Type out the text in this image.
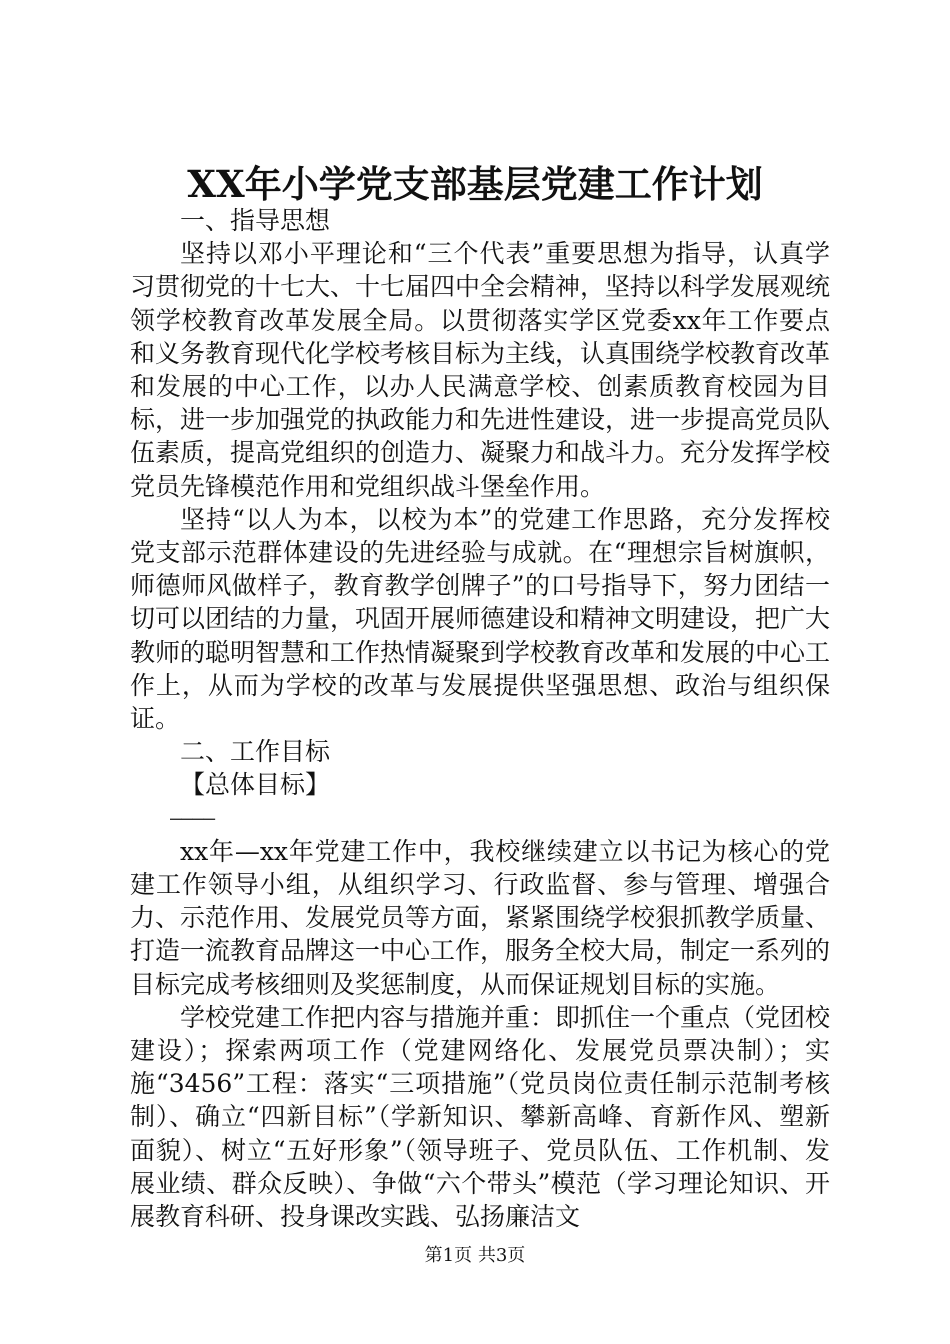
XX年小学党支部基层党建工作计划

一、指导思想

坚持以邓小平理论和“三个代表”重要思想为指导，认真学习贯彻党的十七大、十七届四中全会精神，坚持以科学发展观统领学校教育改革发展全局。以贯彻落实学区党委xx年工作要点和义务教育现代化学校考核目标为主线，认真围绕学校教育改革和发展的中心工作，以办人民满意学校、创素质教育校园为目标，进一步加强党的执政能力和先进性建设，进一步提高党员队伍素质，提高党组织的创造力、凝聚力和战斗力。充分发挥学校党员先锋模范作用和党组织战斗堡垒作用。

坚持“以人为本，以校为本”的党建工作思路，充分发挥校党支部示范群体建设的先进经验与成就。在“理想宗旨树旗帜，师德师风做样子，教育教学创牌子”的口号指导下，努力团结一切可以团结的力量，巩固开展师德建设和精神文明建设，把广大教师的聪明智慧和工作热情凝聚到学校教育改革和发展的中心工作上，从而为学校的改革与发展提供坚强思想、政治与组织保证。

二、工作目标

【总体目标】

————

xx年—xx年党建工作中，我校继续建立以书记为核心的党建工作领导小组，从组织学习、行政监督、参与管理、增强合力、示范作用、发展党员等方面，紧紧围绕学校狠抓教学质量、打造一流教育品牌这一中心工作，服务全校大局，制定一系列的目标完成考核细则及奖惩制度，从而保证规划目标的实施。

学校党建工作把内容与措施并重：即抓住一个重点（党团校建设）；探索两项工作（党建网络化、发展党员票决制）；实施“3456”工程：落实“三项措施”（党员岗位责任制示范制考核制）、确立“四新目标”（学新知识、攀新高峰、育新作风、塑新面貌）、树立“五好形象”（领导班子、党员队伍、工作机制、发展业绩、群众反映）、争做“六个带头”模范（学习理论知识、开展教育科研、投身课改实践、弘扬廉洁文

第1页 共3页
